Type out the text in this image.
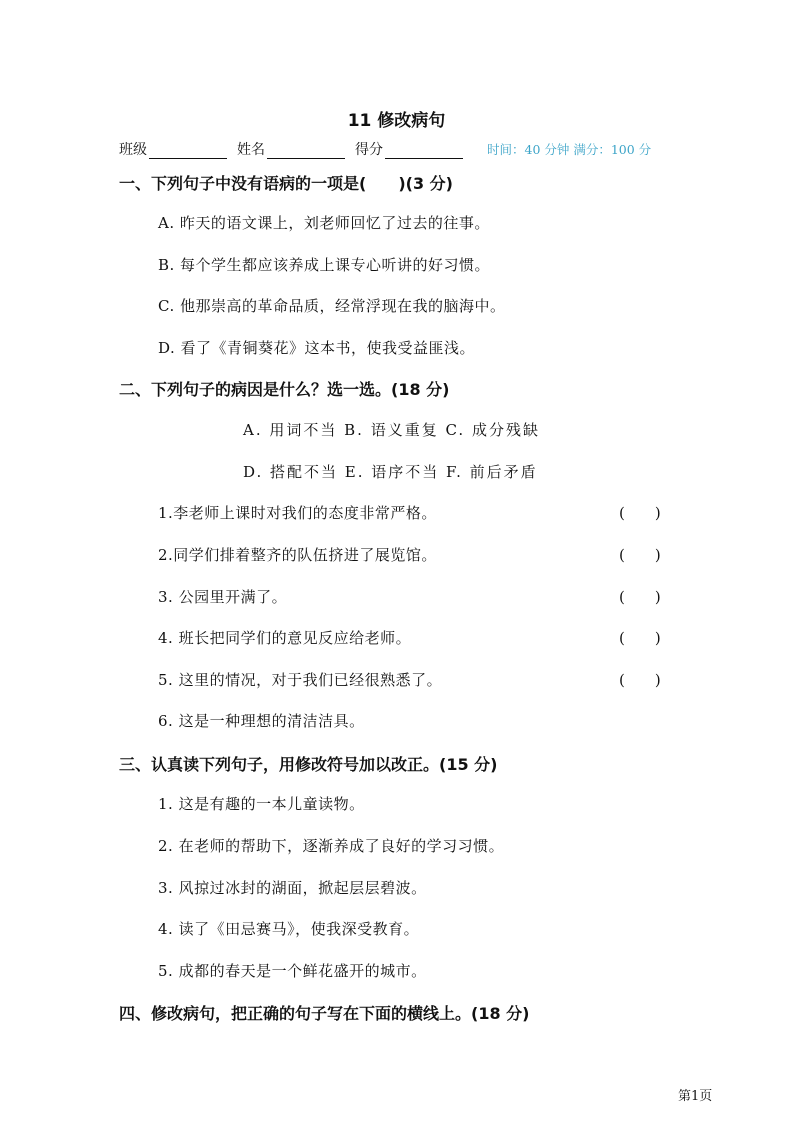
11 修改病句
班级	姓名	得分	时间：40 分钟 满分：100 分
一、下列句子中没有语病的一项是(　　)(3 分)
A. 昨天的语文课上，刘老师回忆了过去的往事。
B. 每个学生都应该养成上课专心听讲的好习惯。
C. 他那崇高的革命品质，经常浮现在我的脑海中。
D. 看了《青铜葵花》这本书，使我受益匪浅。
二、下列句子的病因是什么？选一选。(18 分)
A. 用词不当 B. 语义重复 C. 成分残缺
D. 搭配不当 E. 语序不当 F. 前后矛盾
1.李老师上课时对我们的态度非常严格。	(　　)
2.同学们排着整齐的队伍挤进了展览馆。	(　　)
3. 公园里开满了。	(　　)
4. 班长把同学们的意见反应给老师。	(　　)
5. 这里的情况，对于我们已经很熟悉了。	(　　)
6. 这是一种理想的清洁洁具。
三、认真读下列句子，用修改符号加以改正。(15 分)
1. 这是有趣的一本儿童读物。
2. 在老师的帮助下，逐渐养成了良好的学习习惯。
3. 风掠过冰封的湖面，掀起层层碧波。
4. 读了《田忌赛马》，使我深受教育。
5. 成都的春天是一个鲜花盛开的城市。
四、修改病句，把正确的句子写在下面的横线上。(18 分)
第1页
